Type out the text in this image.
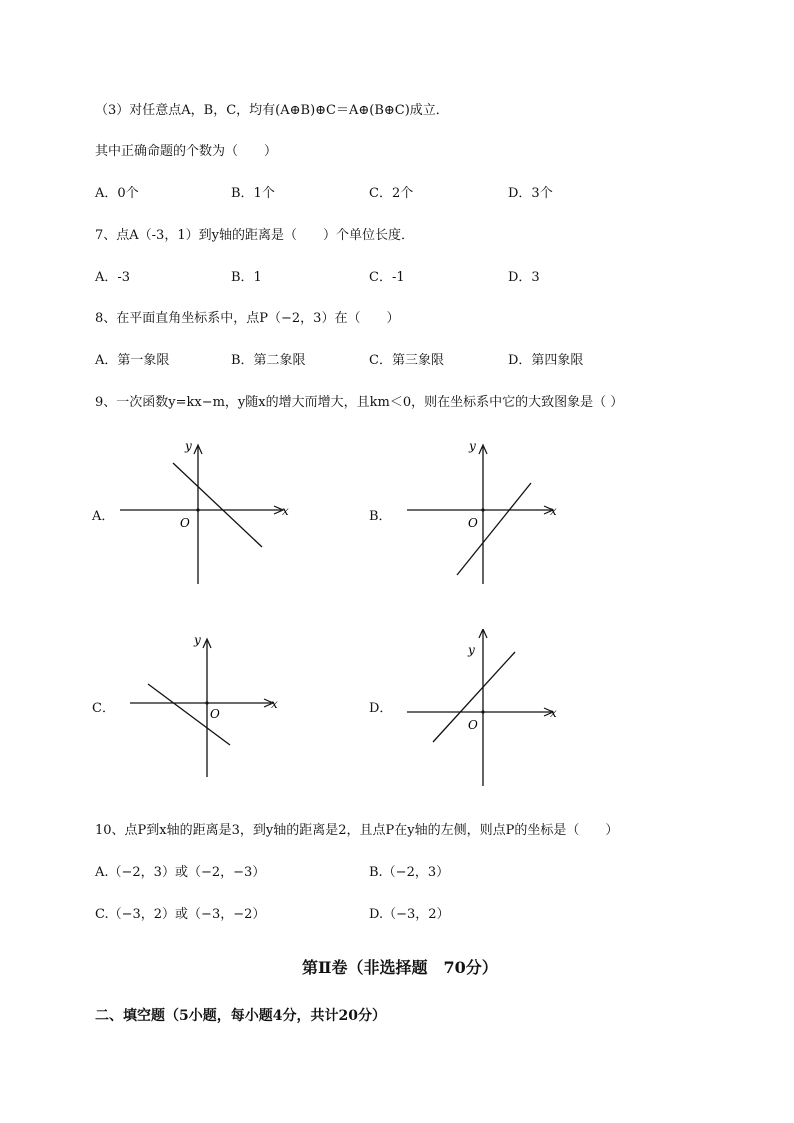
（3）对任意点A，B，C，均有(A⊕B)⊕C＝A⊕(B⊕C)成立．
其中正确命题的个数为（　　）
A．0个	B．1个	C．2个	D．3个
7、点A（-3，1）到y轴的距离是（　　）个单位长度．
A．-3	B．1	C．-1	D．3
8、在平面直角坐标系中，点P（−2，3）在（　　）
A．第一象限	B．第二象限	C．第三象限	D．第四象限
9、一次函数y=kx−m，y随x的增大而增大，且km＜0，则在坐标系中它的大致图象是（ ）
A．
y
x
O	B．
y
x
O
C．
y
x
O	D．
y
x
O
10、点P到x轴的距离是3，到y轴的距离是2，且点P在y轴的左侧，则点P的坐标是（　　）
A.（−2，3）或（−2，−3）	B.（−2，3）
C.（−3，2）或（−3，−2）	D.（−3，2）
第Ⅱ卷（非选择题　70分）
二、填空题（5小题，每小题4分，共计20分）
